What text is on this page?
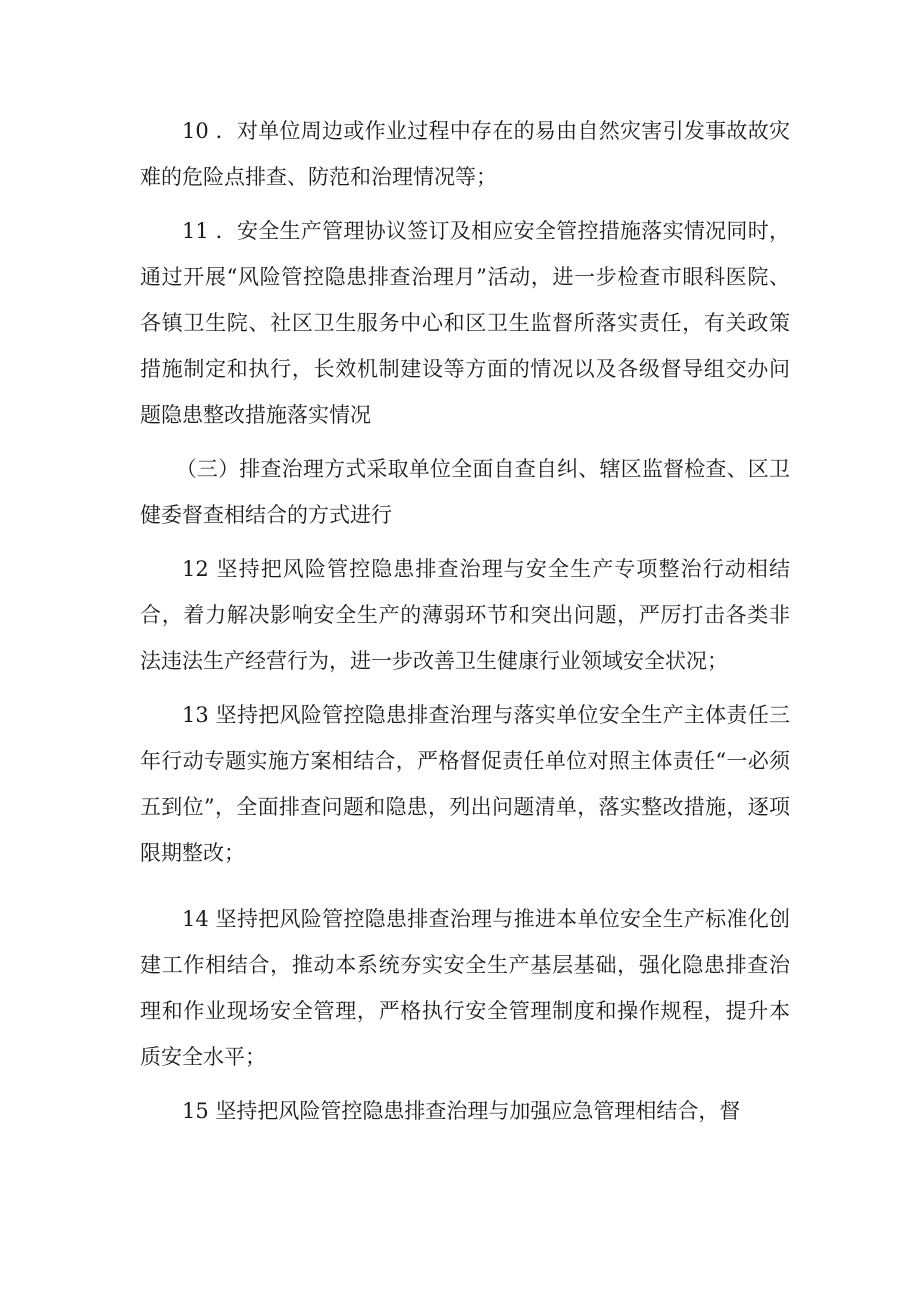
10 ．对单位周边或作业过程中存在的易由自然灾害引发事故故灾难的危险点排查、防范和治理情况等；

11 ．安全生产管理协议签订及相应安全管控措施落实情况同时，通过开展“风险管控隐患排查治理月”活动，进一步检查市眼科医院、各镇卫生院、社区卫生服务中心和区卫生监督所落实责任，有关政策措施制定和执行，长效机制建设等方面的情况以及各级督导组交办问题隐患整改措施落实情况

（三）排查治理方式采取单位全面自查自纠、辖区监督检查、区卫健委督查相结合的方式进行

12 坚持把风险管控隐患排查治理与安全生产专项整治行动相结合，着力解决影响安全生产的薄弱环节和突出问题，严厉打击各类非法违法生产经营行为，进一步改善卫生健康行业领域安全状况；

13 坚持把风险管控隐患排查治理与落实单位安全生产主体责任三年行动专题实施方案相结合，严格督促责任单位对照主体责任“一必须五到位”，全面排查问题和隐患，列出问题清单，落实整改措施，逐项限期整改；

14 坚持把风险管控隐患排查治理与推进本单位安全生产标准化创建工作相结合，推动本系统夯实安全生产基层基础，强化隐患排查治理和作业现场安全管理，严格执行安全管理制度和操作规程，提升本质安全水平；

15 坚持把风险管控隐患排查治理与加强应急管理相结合，督
